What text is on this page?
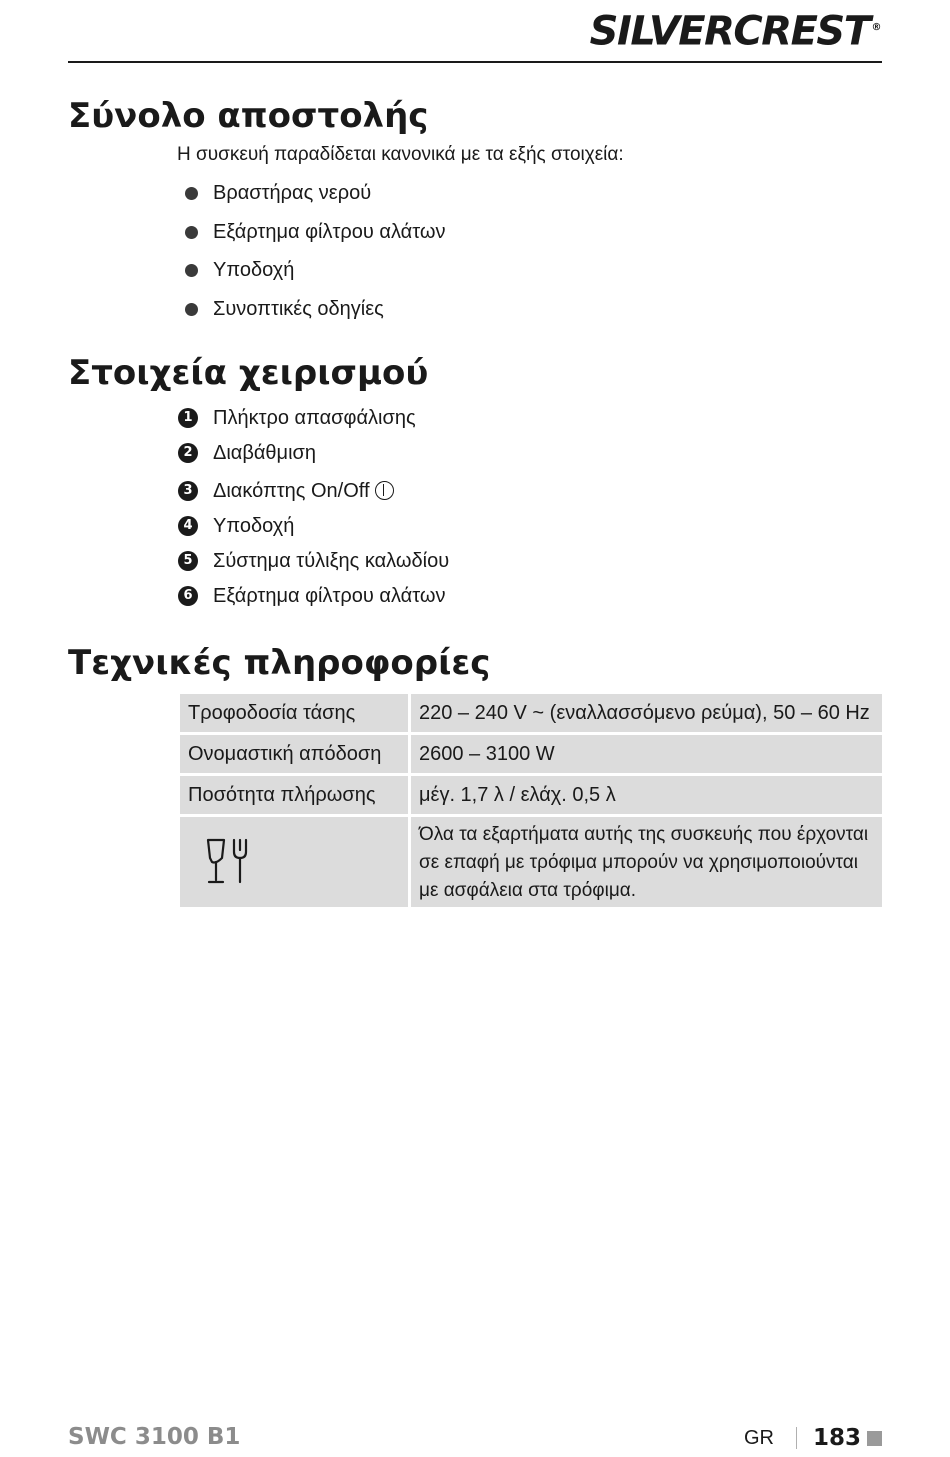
SILVERCREST ®
Σύνολο αποστολής
Η συσκευή παραδίδεται κανονικά με τα εξής στοιχεία:
Βραστήρας νερού
Εξάρτημα φίλτρου αλάτων
Υποδοχή
Συνοπτικές οδηγίες
Στοιχεία χειρισμού
1 Πλήκτρο απασφάλισης
2 Διαβάθμιση
3 Διακόπτης On/Off
4 Υποδοχή
5 Σύστημα τύλιξης καλωδίου
6 Εξάρτημα φίλτρου αλάτων
Τεχνικές πληροφορίες
Τροφοδοσία τάσης	220 – 240 V ~ (εναλλασσόμενο ρεύμα), 50 – 60 Hz
Ονομαστική απόδοση	2600 – 3100 W
Ποσότητα πλήρωσης	μέγ. 1,7 λ / ελάχ. 0,5 λ

	Όλα τα εξαρτήματα αυτής της συσκευής που έρχονται σε επαφή με τρόφιμα μπορούν να χρησιμοποιούνται με ασφάλεια στα τρόφιμα.
SWC 3100 B1	GR 183
